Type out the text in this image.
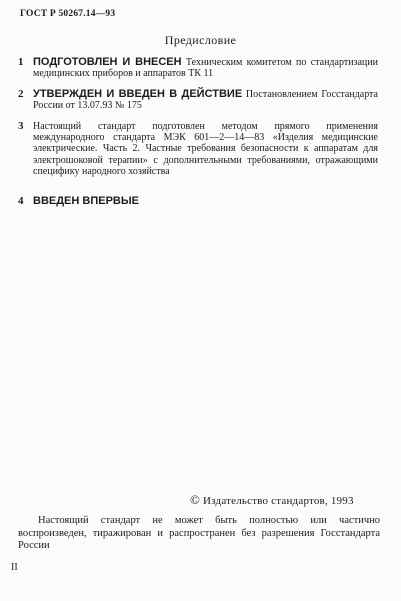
ГОСТ Р 50267.14—93
Предисловие
1 ПОДГОТОВЛЕН И ВНЕСЕН Техническим комитетом по стандартизации медицинских приборов и аппаратов ТК 11
2 УТВЕРЖДЕН И ВВЕДЕН В ДЕЙСТВИЕ Постановлением Госстандарта России от 13.07.93 № 175
3 Настоящий стандарт подготовлен методом прямого применения международного стандарта МЭК 601—2—14—83 «Изделия медицинские электрические. Часть 2. Частные требования безопасности к аппаратам для электрошоковой терапии» с дополнительными требованиями, отражающими специфику народного хозяйства
4 ВВЕДЕН ВПЕРВЫЕ
© Издательство стандартов, 1993
Настоящий стандарт не может быть полностью или частично воспроизведен, тиражирован и распространен без разрешения Госстандарта России
II
